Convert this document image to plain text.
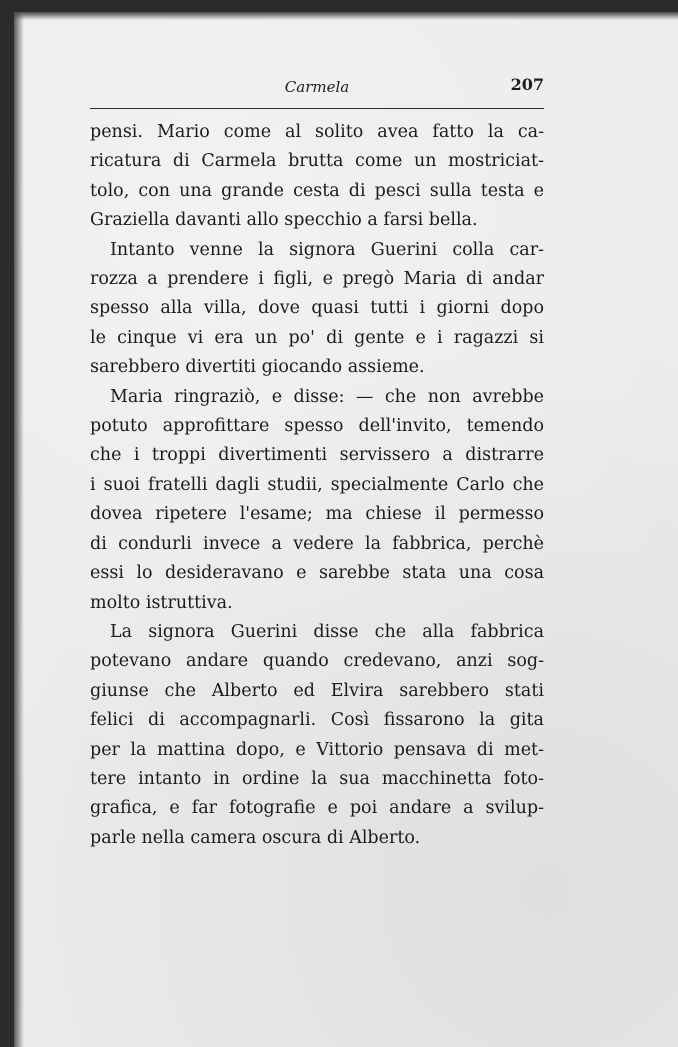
Carmela	207

pensi. Mario come al solito avea fatto la ca-
ricatura di Carmela brutta come un mostriciat-
tolo, con una grande cesta di pesci sulla testa e
Graziella davanti allo specchio a farsi bella.

Intanto venne la signora Guerini colla car-
rozza a prendere i figli, e pregò Maria di andar
spesso alla villa, dove quasi tutti i giorni dopo
le cinque vi era un po' di gente e i ragazzi si
sarebbero divertiti giocando assieme.

Maria ringraziò, e disse: — che non avrebbe
potuto approfittare spesso dell'invito, temendo
che i troppi divertimenti servissero a distrarre
i suoi fratelli dagli studii, specialmente Carlo che
dovea ripetere l'esame; ma chiese il permesso
di condurli invece a vedere la fabbrica, perchè
essi lo desideravano e sarebbe stata una cosa
molto istruttiva.

La signora Guerini disse che alla fabbrica
potevano andare quando credevano, anzi sog-
giunse che Alberto ed Elvira sarebbero stati
felici di accompagnarli. Così fissarono la gita
per la mattina dopo, e Vittorio pensava di met-
tere intanto in ordine la sua macchinetta foto-
grafica, e far fotografie e poi andare a svilup-
parle nella camera oscura di Alberto.
